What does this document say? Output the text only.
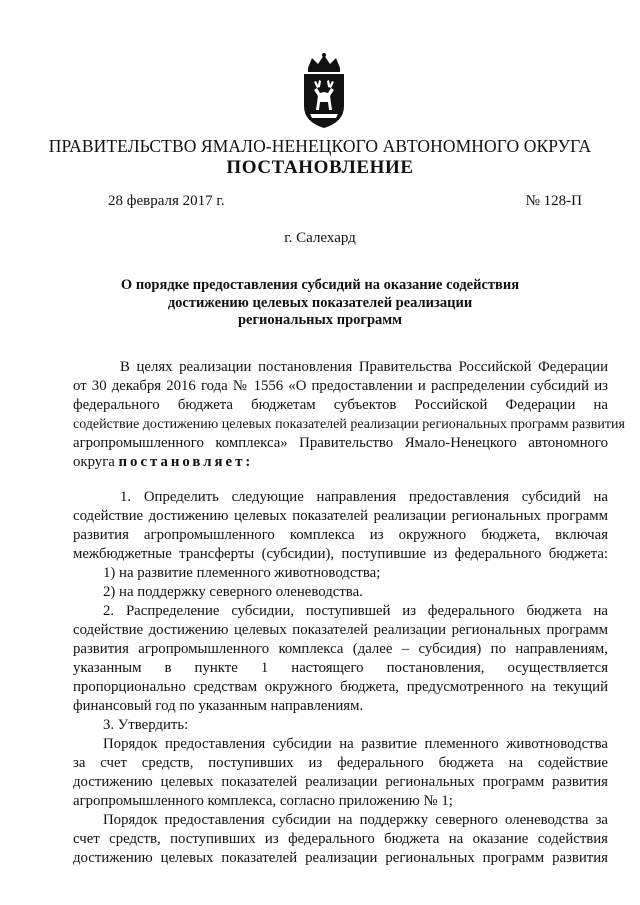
ПРАВИТЕЛЬСТВО ЯМАЛО-НЕНЕЦКОГО АВТОНОМНОГО ОКРУГА
ПОСТАНОВЛЕНИЕ
28 февраля 2017 г.	№ 128-П
г. Салехард
О порядке предоставления субсидий на оказание содействия
достижению целевых показателей реализации
региональных программ
В целях реализации постановления Правительства Российской Федерации
от 30 декабря 2016 года № 1556 «О предоставлении и распределении субсидий из
федерального бюджета бюджетам субъектов Российской Федерации на
содействие достижению целевых показателей реализации региональных программ развития
агропромышленного комплекса» Правительство Ямало-Ненецкого автономного
округа постановляет:
1. Определить следующие направления предоставления субсидий на
содействие достижению целевых показателей реализации региональных программ
развития агропромышленного комплекса из окружного бюджета, включая
межбюджетные трансферты (субсидии), поступившие из федерального бюджета:
1) на развитие племенного животноводства;
2) на поддержку северного оленеводства.
2. Распределение субсидии, поступившей из федерального бюджета на
содействие достижению целевых показателей реализации региональных программ
развития агропромышленного комплекса (далее – субсидия) по направлениям,
указанным в пункте 1 настоящего постановления, осуществляется
пропорционально средствам окружного бюджета, предусмотренного на текущий
финансовый год по указанным направлениям.
3. Утвердить:
Порядок предоставления субсидии на развитие племенного животноводства
за счет средств, поступивших из федерального бюджета на содействие
достижению целевых показателей реализации региональных программ развития
агропромышленного комплекса, согласно приложению № 1;
Порядок предоставления субсидии на поддержку северного оленеводства за
счет средств, поступивших из федерального бюджета на оказание содействия
достижению целевых показателей реализации региональных программ развития
